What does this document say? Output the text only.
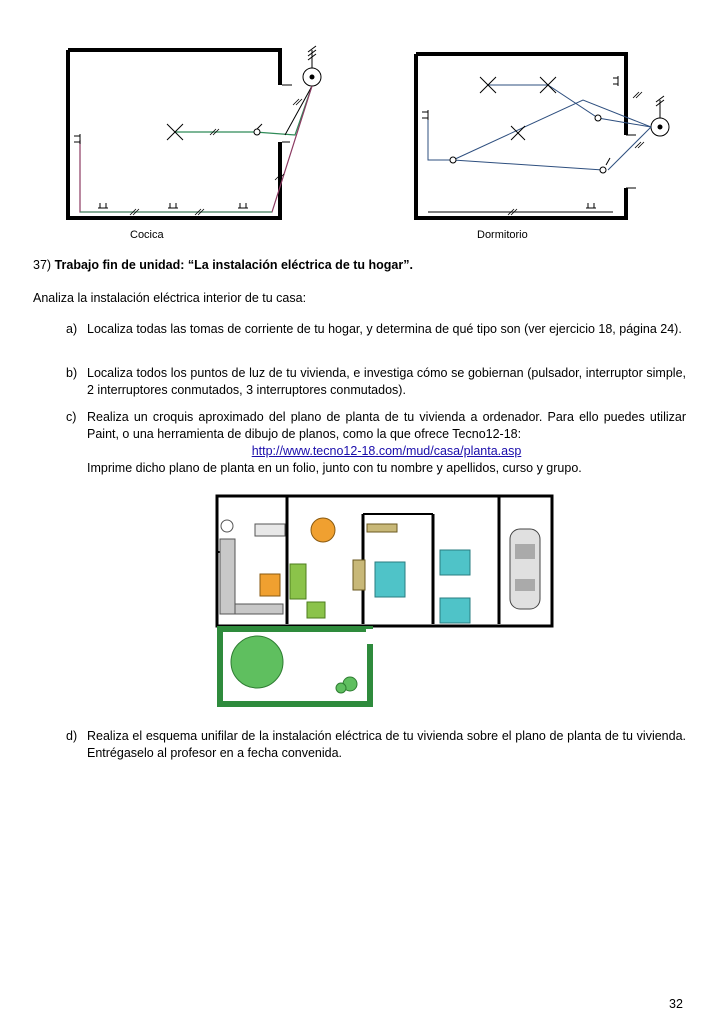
Cocica	Dormitorio
37) Trabajo fin de unidad: “La instalación eléctrica de tu hogar”.
Analiza la instalación eléctrica interior de tu casa:
a) Localiza todas las tomas de corriente de tu hogar, y determina de qué tipo son (ver ejercicio 18, página 24).
b) Localiza todos los puntos de luz de tu vivienda, e investiga cómo se gobiernan (pulsador, interruptor simple, 2 interruptores conmutados, 3 interruptores conmutados).
c) Realiza un croquis aproximado del plano de planta de tu vivienda a ordenador. Para ello puedes utilizar Paint, o una herramienta de dibujo de planos, como la que ofrece Tecno12-18:
http://www.tecno12-18.com/mud/casa/planta.asp
Imprime dicho plano de planta en un folio, junto con tu nombre y apellidos, curso y grupo.
d) Realiza el esquema unifilar de la instalación eléctrica de tu vivienda sobre el plano de planta de tu vivienda. Entrégaselo al profesor en a fecha convenida.
32
